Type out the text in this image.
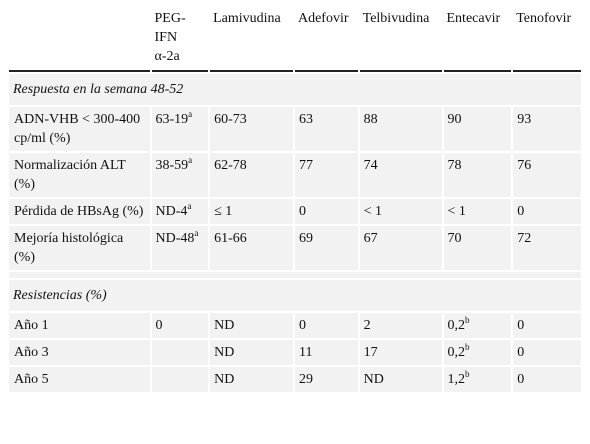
	PEG-IFN α-2a	Lamivudina	Adefovir	Telbivudina	Entecavir	Tenofovir
Respuesta en la semana 48-52						
ADN-VHB < 300-400 cp/ml (%)	63-19$^a$	60-73	63	88	90	93
Normalización ALT (%)	38-59$^a$	62-78	77	74	78	76
Pérdida de HBsAg (%)	$ND-4^a$	≤ 1	0	< 1	< 1	0
Mejoría histológica (%)	ND-48$^a$	61-66	69	67	70	72

Resistencias (%)						
Año 1	0	ND	0	2	0,2$^b$	0
Año 3		ND	11	17	0,2$^b$	0
Año 5		ND	29	ND	1,2$^b$	0
